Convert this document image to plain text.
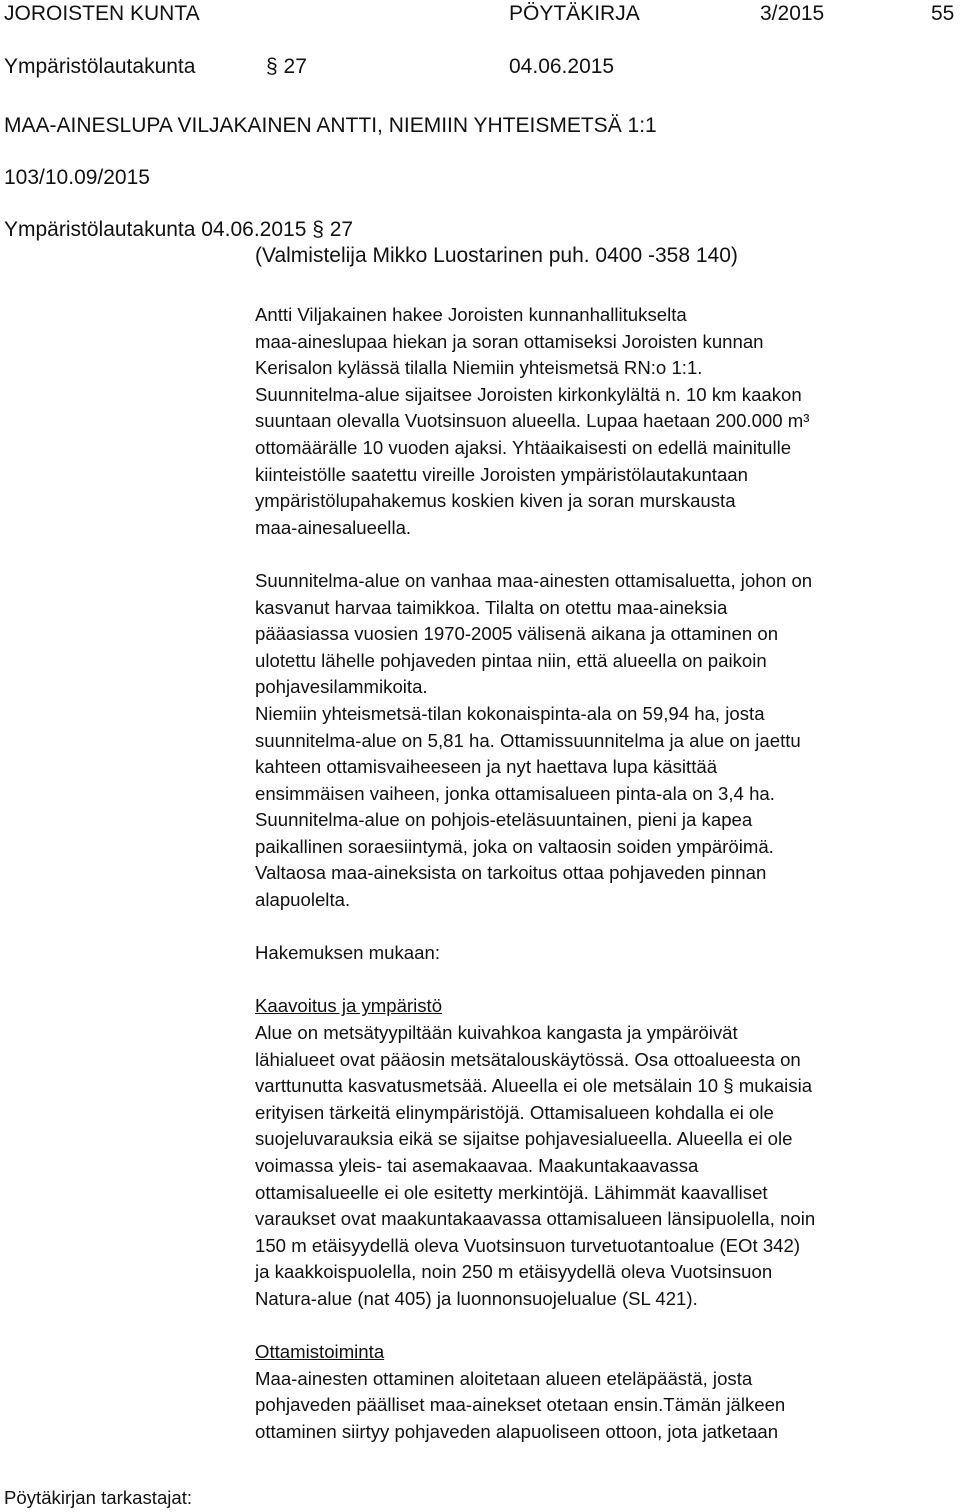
JOROISTEN KUNTA	PÖYTÄKIRJA	3/2015	55
Ympäristölautakunta	§ 27	04.06.2015
MAA-AINESLUPA VILJAKAINEN ANTTI, NIEMIIN YHTEISMETSÄ 1:1
103/10.09/2015
Ympäristölautakunta 04.06.2015 § 27
(Valmistelija Mikko Luostarinen puh. 0400 -358 140)

Antti Viljakainen hakee Joroisten kunnanhallitukselta

maa-aineslupaa hiekan ja soran ottamiseksi Joroisten kunnan

Kerisalon kylässä tilalla Niemiin yhteismetsä RN:o 1:1.

Suunnitelma-alue sijaitsee Joroisten kirkonkylältä n. 10 km kaakon

suuntaan olevalla Vuotsinsuon alueella. Lupaa haetaan 200.000 m³

ottomäärälle 10 vuoden ajaksi. Yhtäaikaisesti on edellä mainitulle

kiinteistölle saatettu vireille Joroisten ympäristölautakuntaan

ympäristölupahakemus koskien kiven ja soran murskausta

maa-ainesalueella.

Suunnitelma-alue on vanhaa maa-ainesten ottamisaluetta, johon on

kasvanut harvaa taimikkoa. Tilalta on otettu maa-aineksia

pääasiassa vuosien 1970-2005 välisenä aikana ja ottaminen on

ulotettu lähelle pohjaveden pintaa niin, että alueella on paikoin

pohjavesilammikoita.

Niemiin yhteismetsä-tilan kokonaispinta-ala on 59,94 ha, josta

suunnitelma-alue on 5,81 ha. Ottamissuunnitelma ja alue on jaettu

kahteen ottamisvaiheeseen ja nyt haettava lupa käsittää

ensimmäisen vaiheen, jonka ottamisalueen pinta-ala on 3,4 ha.

Suunnitelma-alue on pohjois-eteläsuuntainen, pieni ja kapea

paikallinen soraesiintymä, joka on valtaosin soiden ympäröimä.

Valtaosa maa-aineksista on tarkoitus ottaa pohjaveden pinnan

alapuolelta.

Hakemuksen mukaan:

Kaavoitus ja ympäristö

Alue on metsätyypiltään kuivahkoa kangasta ja ympäröivät

lähialueet ovat pääosin metsätalouskäytössä. Osa ottoalueesta on

varttunutta kasvatusmetsää. Alueella ei ole metsälain 10 § mukaisia

erityisen tärkeitä elinympäristöjä. Ottamisalueen kohdalla ei ole

suojeluvarauksia eikä se sijaitse pohjavesialueella. Alueella ei ole

voimassa yleis- tai asemakaavaa. Maakuntakaavassa

ottamisalueelle ei ole esitetty merkintöjä. Lähimmät kaavalliset

varaukset ovat maakuntakaavassa ottamisalueen länsipuolella, noin

150 m etäisyydellä oleva Vuotsinsuon turvetuotantoalue (EOt 342)

ja kaakkoispuolella, noin 250 m etäisyydellä oleva Vuotsinsuon

Natura-alue (nat 405) ja luonnonsuojelualue (SL 421).

Ottamistoiminta

Maa-ainesten ottaminen aloitetaan alueen eteläpäästä, josta

pohjaveden päälliset maa-ainekset otetaan ensin.Tämän jälkeen

ottaminen siirtyy pohjaveden alapuoliseen ottoon, jota jatketaan

Pöytäkirjan tarkastajat:
